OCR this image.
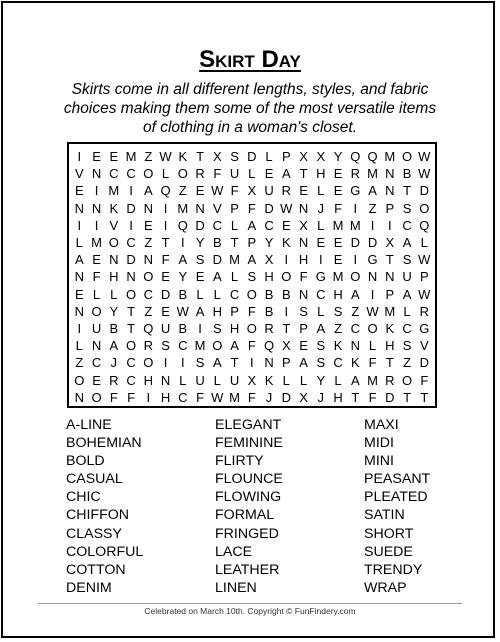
Skirt Day
Skirts come in all different lengths, styles, and fabric choices making them some of the most versatile items of clothing in a woman's closet.
I E E M Z W K T X S D L P X X Y Q Q M O W
V N C C O L O R F U L E A T H E R M N B W
E I M I A Q Z E W F X U R E L E G A N T D
N N K D N I M N V P F D W N J F I Z P S O
I	I V I E I Q D C L A C E X L M M I	I C Q
L M O C Z T I Y B T P Y K N E E D D X A L
A E N D N F A S D M A X I H I E I G T S W
N F H N O E Y E A L S H O F G M O N N U P
E L L O C D B L L C O B B N C H A I P A W
N O Y T Z E W A H P F B I S L S Z W M L R
I U B T Q U B I S H O R T P A Z C O K C G
L N A O R S C M O A F Q X E S K N L H S V
Z C J C O I	I S A T I N P A S C K F T Z D
O E R C H N L U L U X K L L Y L A M R O F
N O F F I H C F W M F J D X J H T F D T T
A-LINE
BOHEMIAN
BOLD
CASUAL
CHIC
CHIFFON
CLASSY
COLORFUL
COTTON
DENIM
ELEGANT
FEMININE
FLIRTY
FLOUNCE
FLOWING
FORMAL
FRINGED
LACE
LEATHER
LINEN
MAXI
MIDI
MINI
PEASANT
PLEATED
SATIN
SHORT
SUEDE
TRENDY
WRAP
Celebrated on March 10th. Copyright © FunFindery.com
